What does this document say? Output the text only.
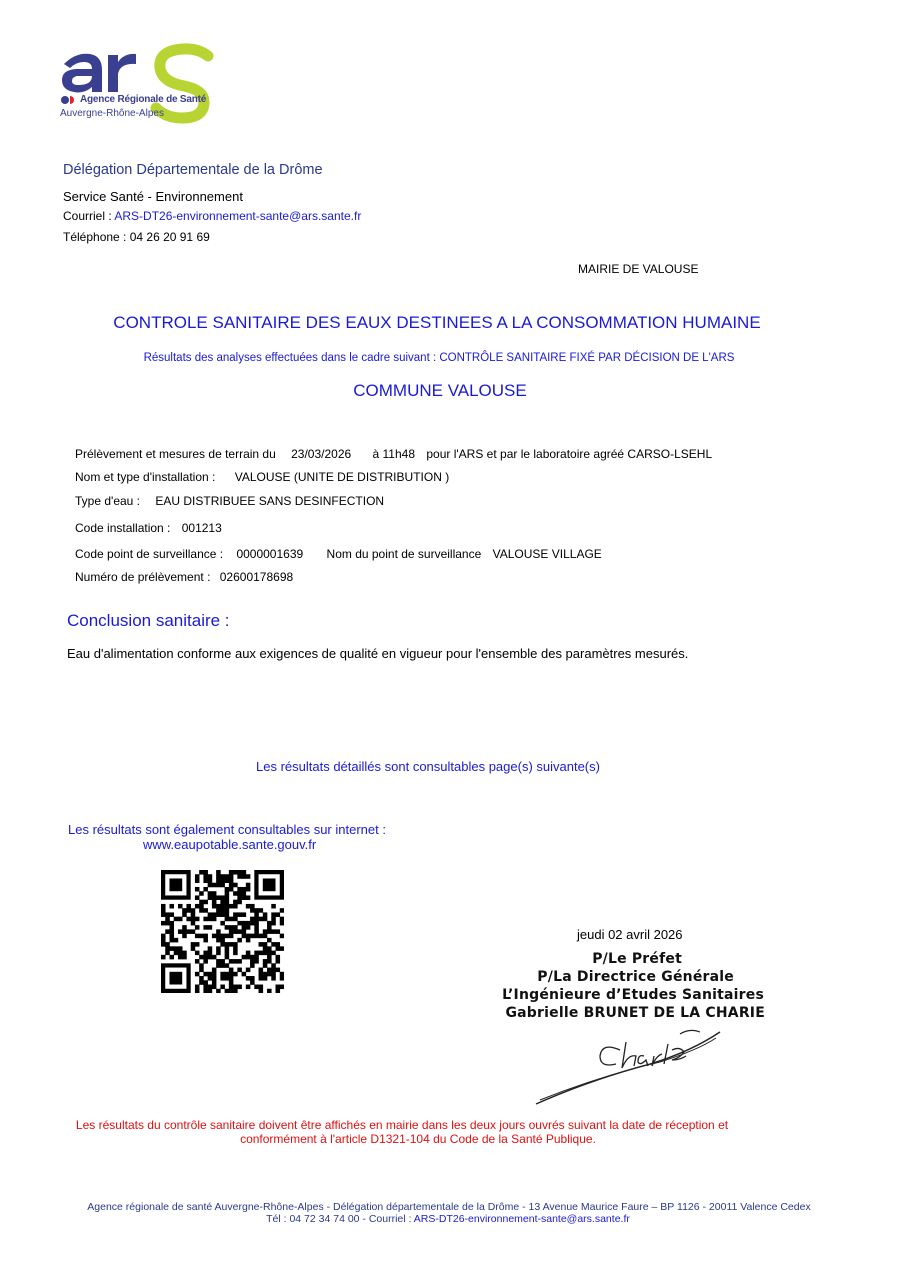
Agence Régionale de Santé
Auvergne-Rhône-Alpes
Délégation Départementale de la Drôme
Service Santé - Environnement
Courriel : ARS-DT26-environnement-sante@ars.sante.fr
Téléphone : 04 26 20 91 69
MAIRIE DE VALOUSE
CONTROLE SANITAIRE DES EAUX DESTINEES A LA CONSOMMATION HUMAINE
Résultats des analyses effectuées dans le cadre suivant : CONTRÔLE SANITAIRE FIXÉ PAR DÉCISION DE L'ARS
COMMUNE VALOUSE
Prélèvement et mesures de terrain du 23/03/2026 à 11h48 pour l'ARS et par le laboratoire agréé CARSO-LSEHL
Nom et type d'installation : VALOUSE (UNITE DE DISTRIBUTION )
Type d'eau : EAU DISTRIBUEE SANS DESINFECTION
Code installation : 001213
Code point de surveillance : 0000001639 Nom du point de surveillance VALOUSE VILLAGE
Numéro de prélèvement : 02600178698
Conclusion sanitaire :
Eau d'alimentation conforme aux exigences de qualité en vigueur pour l'ensemble des paramètres mesurés.
Les résultats détaillés sont consultables page(s) suivante(s)
Les résultats sont également consultables sur internet :
www.eaupotable.sante.gouv.fr
jeudi 02 avril 2026
P/Le Préfet
P/La Directrice Générale
L’Ingénieure d’Etudes Sanitaires
Gabrielle BRUNET DE LA CHARIE
Les résultats du contrôle sanitaire doivent être affichés en mairie dans les deux jours ouvrés suivant la date de réception et
conformément à l'article D1321-104 du Code de la Santé Publique.
Agence régionale de santé Auvergne-Rhône-Alpes - Délégation départementale de la Drôme - 13 Avenue Maurice Faure – BP 1126 - 20011 Valence Cedex
Tél : 04 72 34 74 00 - Courriel : ARS-DT26-environnement-sante@ars.sante.fr
